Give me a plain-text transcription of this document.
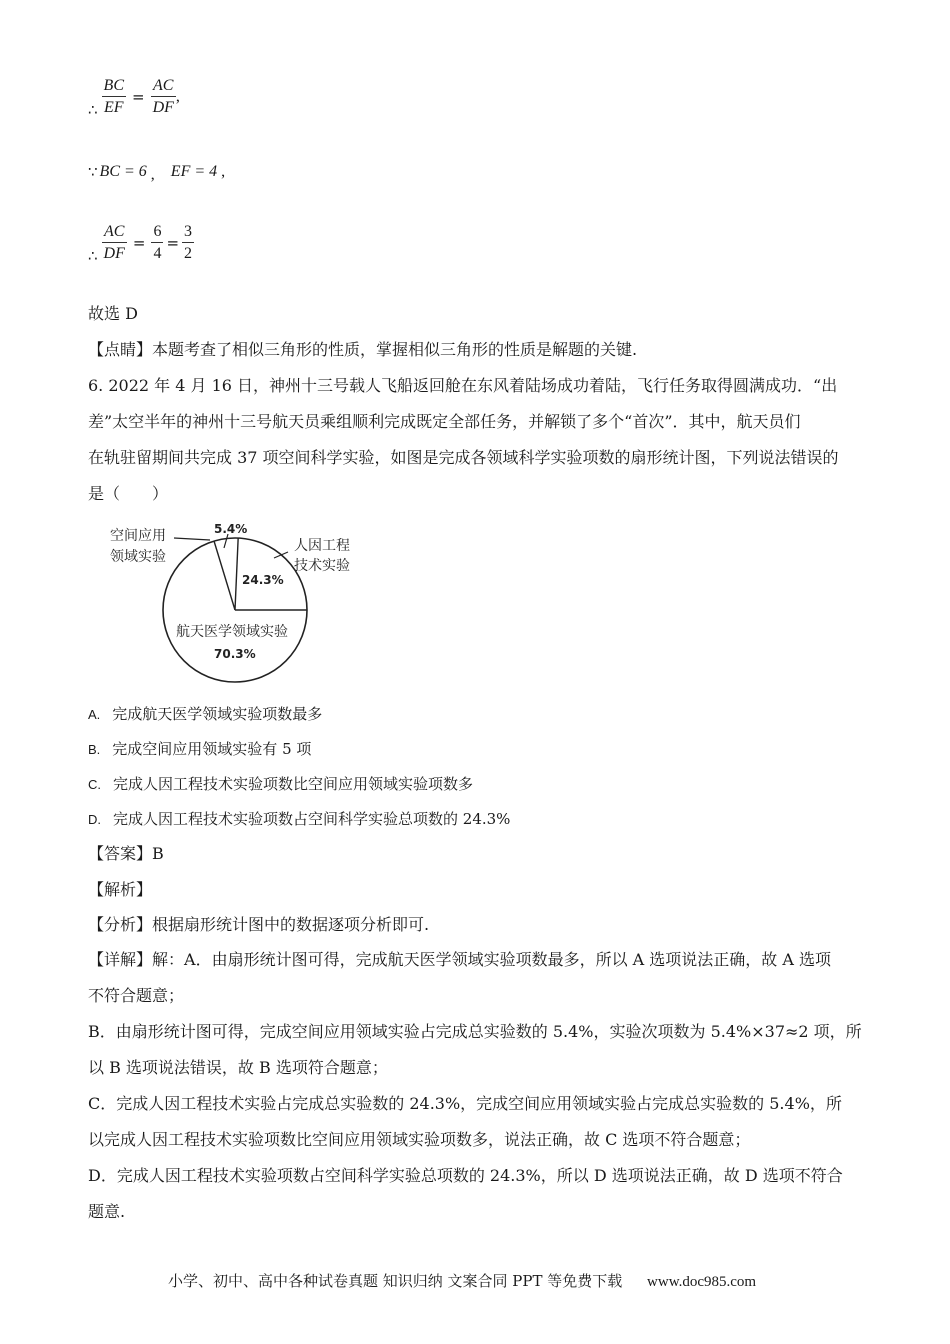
∴ $\frac{BC}{EF} = \frac{AC}{DF}$ ,
∵ BC = 6 , EF = 4 ,
∴ $\frac{AC}{DF} = \frac{6}{4} = \frac{3}{2}$
故选 D
【点睛】本题考查了相似三角形的性质，掌握相似三角形的性质是解题的关键.
6. 2022 年 4 月 16 日，神州十三号载人飞船返回舱在东风着陆场成功着陆，飞行任务取得圆满成功．“出
差”太空半年的神州十三号航天员乘组顺利完成既定全部任务，并解锁了多个“首次”．其中，航天员们
在轨驻留期间共完成 37 项空间科学实验，如图是完成各领域科学实验项数的扇形统计图，下列说法错误的
是（　　）
空间应用
领域实验
5.4%
人因工程
技术实验
24.3%
航天医学领域实验
70.3%
A. 完成航天医学领域实验项数最多
B. 完成空间应用领域实验有 5 项
C. 完成人因工程技术实验项数比空间应用领域实验项数多
D. 完成人因工程技术实验项数占空间科学实验总项数的 24.3%
【答案】B
【解析】
【分析】根据扇形统计图中的数据逐项分析即可.
【详解】解：A．由扇形统计图可得，完成航天医学领域实验项数最多，所以 A 选项说法正确，故 A 选项
不符合题意；
B．由扇形统计图可得，完成空间应用领域实验占完成总实验数的 5.4%，实验次项数为 5.4%×37≈2 项，所
以 B 选项说法错误，故 B 选项符合题意；
C．完成人因工程技术实验占完成总实验数的 24.3%，完成空间应用领域实验占完成总实验数的 5.4%，所
以完成人因工程技术实验项数比空间应用领域实验项数多，说法正确，故 C 选项不符合题意；
D．完成人因工程技术实验项数占空间科学实验总项数的 24.3%，所以 D 选项说法正确，故 D 选项不符合
题意.
小学、初中、高中各种试卷真题 知识归纳 文案合同 PPT 等免费下载 www.doc985.com
